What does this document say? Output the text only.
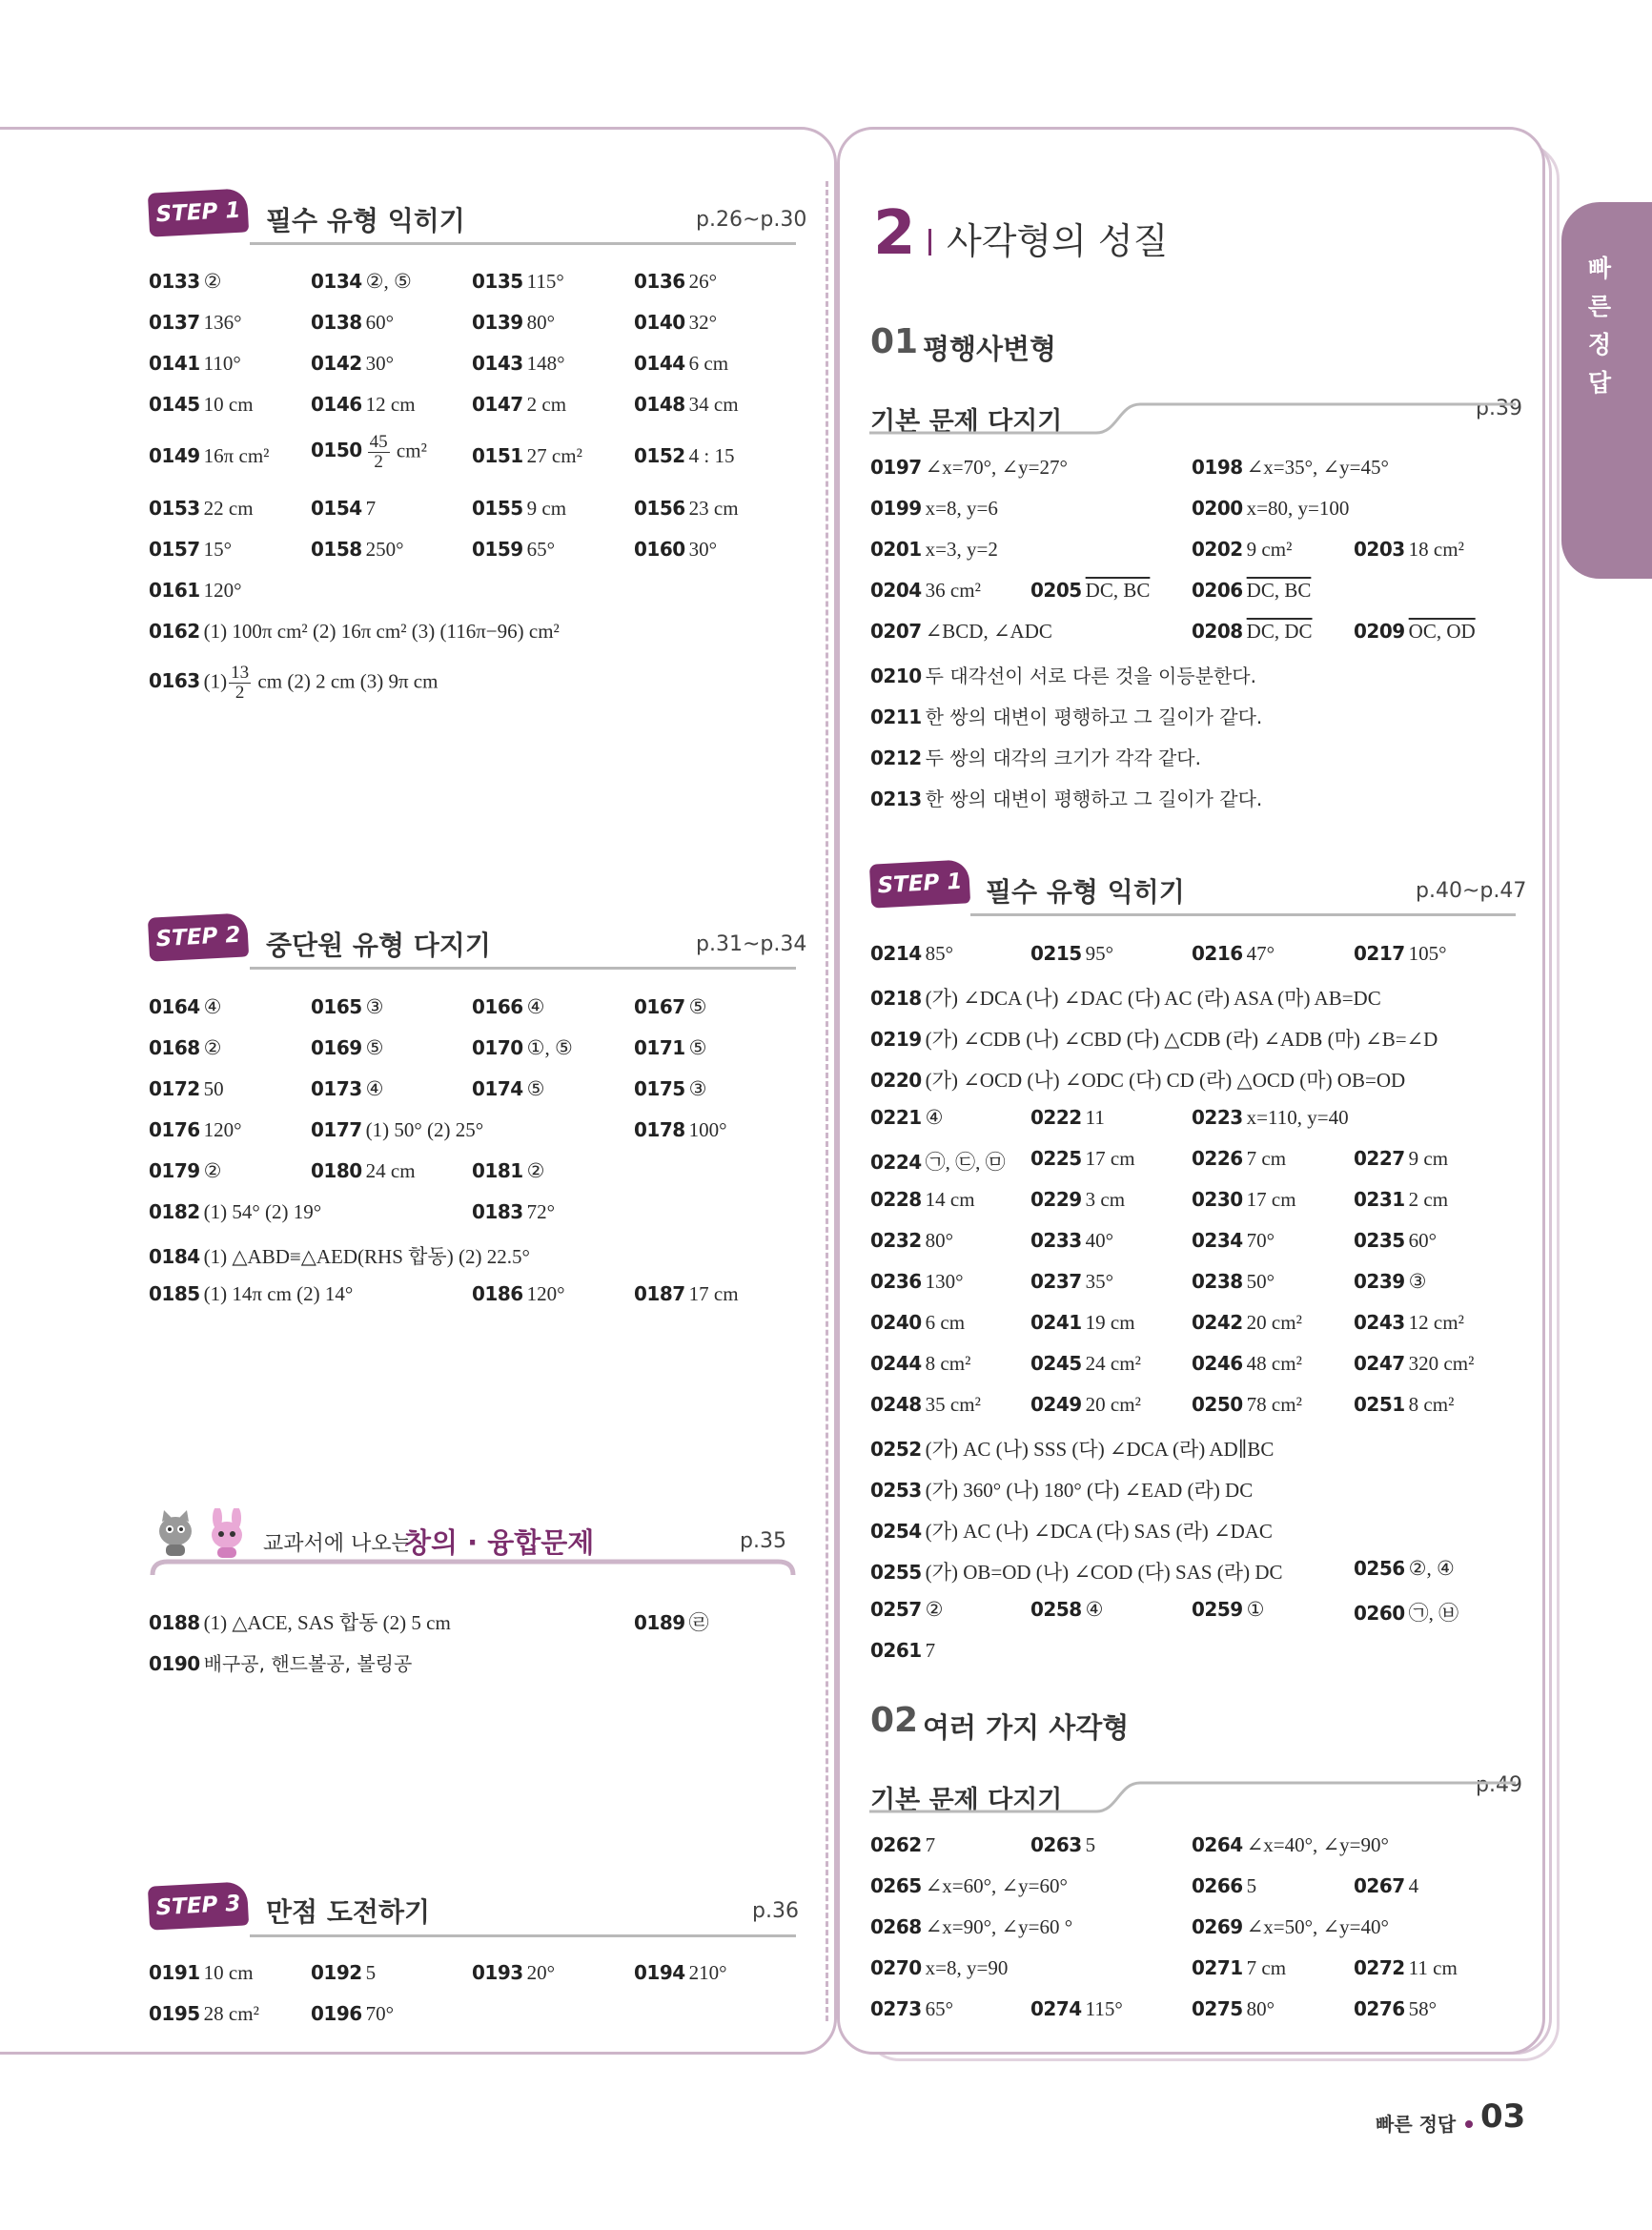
빠른정답
STEP 1 필수 유형 익히기	p.26~p.30
0133 ②	0134 ②, ⑤	0135 115°	0136 26°
0137 136°	0138 60°	0139 80°	0140 32°
0141 110°	0142 30°	0143 148°	0144 6 cm
0145 10 cm	0146 12 cm	0147 2 cm	0148 34 cm
0149 16π cm² $0150 \frac{45}{2} cm^2$ 0151 27 cm²	0152 4 : 15
0153 22 cm	0154 7	0155 9 cm	0156 23 cm
0157 15°	0158 250°	0159 65°	0160 30°
0161 120°
0162 (1) 100π cm² (2) 16π cm² (3) (116π−96) cm²
0163 $(1) \frac{13}{2}$ cm (2) 2 cm (3) 9π cm
STEP 2 중단원 유형 다지기	p.31~p.34
0164 ④	0165 ③	0166 ④	0167 ⑤
0168 ②	0169 ⑤	0170 ①, ⑤	0171 ⑤
0172 50	0173 ④	0174 ⑤	0175 ③
0176 120°	0177 (1) 50° (2) 25°	0178 100°
0179 ②	0180 24 cm	0181 ②
0182 (1) 54° (2) 19°	0183 72°
0184 (1) △ABD≡△AED(RHS 합동) (2) 22.5°
0185 (1) 14π cm (2) 14°	0186 120°	0187 17 cm
교과서에 나오는
창의 · 융합문제	p.35
0188 (1) △ACE, SAS 합동 (2) 5 cm	0189 ㉣
0190 배구공, 핸드볼공, 볼링공
STEP 3 만점 도전하기	p.36
0191 10 cm	0192 5	0193 20°	0194 210°
0195 28 cm²	0196 70°
2 사각형의 성질
01 평행사변형
기본 문제 다지기	p.39
0197 ∠x=70°, ∠y=27°	0198 ∠x=35°, ∠y=45°
0199 x=8, y=6	0200 x=80, y=100
0201 x=3, y=2	0202 9 cm²	0203 18 cm²
0204 36 cm²	0205 DC, BC 0206 DC, BC
0207 ∠BCD, ∠ADC	0208 DC, DC 0209 OC, OD
0210 두 대각선이 서로 다른 것을 이등분한다.
0211 한 쌍의 대변이 평행하고 그 길이가 같다.
0212 두 쌍의 대각의 크기가 각각 같다.
0213 한 쌍의 대변이 평행하고 그 길이가 같다.
STEP 1 필수 유형 익히기	p.40~p.47
0214 85°	0215 95°	0216 47°	0217 105°
0218 (가) ∠DCA (나) ∠DAC (다) AC (라) ASA (마) AB=DC
0219 (가) ∠CDB (나) ∠CBD (다) △CDB (라) ∠ADB (마) ∠B=∠D
0220 (가) ∠OCD (나) ∠ODC (다) CD (라) △OCD (마) OB=OD
0221 ④	0222 11	0223 x=110, y=40
0224 ㉠, ㉢, ㉤ 0225 17 cm	0226 7 cm	0227 9 cm
0228 14 cm	0229 3 cm	0230 17 cm	0231 2 cm
0232 80°	0233 40°	0234 70°	0235 60°
0236 130°	0237 35°	0238 50°	0239 ③
0240 6 cm	0241 19 cm	0242 20 cm²	0243 12 cm²
0244 8 cm²	0245 24 cm²	0246 48 cm²	0247 320 cm²
0248 35 cm²	0249 20 cm²	0250 78 cm²	0251 8 cm²
0252 (가) AC (나) SSS (다) ∠DCA (라) AD∥BC
0253 (가) 360° (나) 180° (다) ∠EAD (라) DC
0254 (가) AC (나) ∠DCA (다) SAS (라) ∠DAC
0255 (가) OB=OD (나) ∠COD (다) SAS (라) DC	0256 ②, ④
0257 ②	0258 ④	0259 ①	0260 ㉠, ㉥
0261 7
02 여러 가지 사각형
기본 문제 다지기
p.49
0262 7	0263 5	0264 ∠x=40°, ∠y=90°
0265 ∠x=60°, ∠y=60°	0266 5	0267 4
0268 ∠x=90°, ∠y=60 °	0269 ∠x=50°, ∠y=40°
0270 x=8, y=90	0271 7 cm	0272 11 cm
0273 65°	0274 115°	0275 80°	0276 58°
빠른 정답 03
